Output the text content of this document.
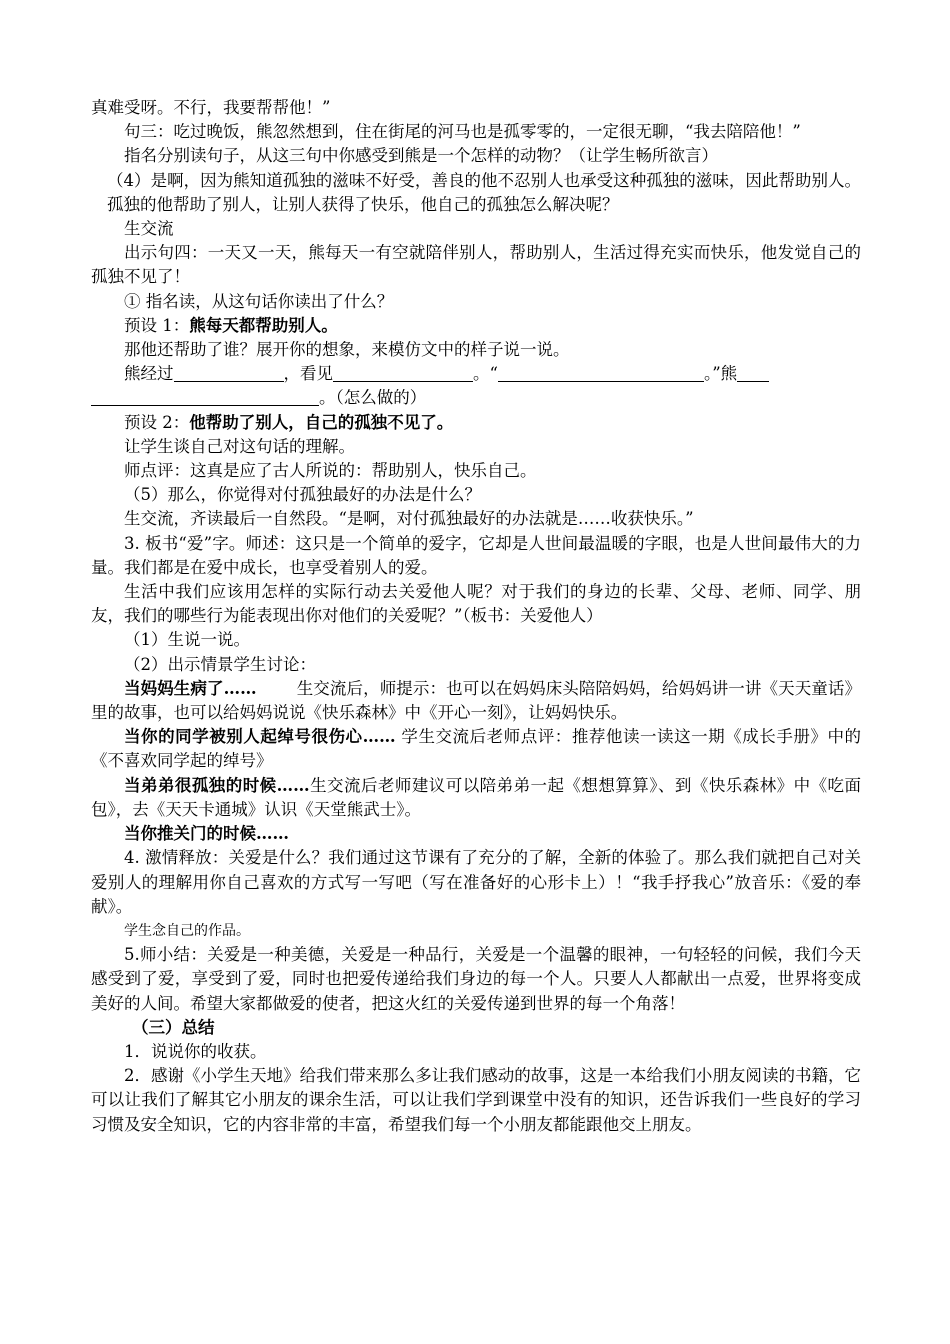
真难受呀。不行，我要帮帮他！”

句三：吃过晚饭，熊忽然想到，住在街尾的河马也是孤零零的，一定很无聊，“我去陪陪他！”

指名分别读句子，从这三句中你感受到熊是一个怎样的动物？（让学生畅所欲言）

（4）是啊，因为熊知道孤独的滋味不好受，善良的他不忍别人也承受这种孤独的滋味，因此帮助别人。孤独的他帮助了别人，让别人获得了快乐，他自己的孤独怎么解决呢？

生交流

出示句四：一天又一天，熊每天一有空就陪伴别人，帮助别人，生活过得充实而快乐，他发觉自己的孤独不见了！

① 指名读，从这句话你读出了什么？

预设 1：熊每天都帮助别人。

那他还帮助了谁？展开你的想象，来模仿文中的样子说一说。

熊经过	，看见	。“	。”熊

。（怎么做的）

预设 2：他帮助了别人，自己的孤独不见了。

让学生谈自己对这句话的理解。

师点评：这真是应了古人所说的：帮助别人，快乐自己。

（5）那么，你觉得对付孤独最好的办法是什么？

生交流，齐读最后一自然段。“是啊，对付孤独最好的办法就是……收获快乐。”

3. 板书“爱”字。师述：这只是一个简单的爱字，它却是人世间最温暖的字眼，也是人世间最伟大的力量。我们都是在爱中成长，也享受着别人的爱。

生活中我们应该用怎样的实际行动去关爱他人呢？对于我们的身边的长辈、父母、老师、同学、朋友，我们的哪些行为能表现出你对他们的关爱呢？”（板书：关爱他人）

（1）生说一说。

（2）出示情景学生讨论：

当妈妈生病了…… 生交流后，师提示：也可以在妈妈床头陪陪妈妈，给妈妈讲一讲《天天童话》里的故事，也可以给妈妈说说《快乐森林》中《开心一刻》，让妈妈快乐。

当你的同学被别人起绰号很伤心…… 学生交流后老师点评：推荐他读一读这一期《成长手册》中的《不喜欢同学起的绰号》

当弟弟很孤独的时候……生交流后老师建议可以陪弟弟一起《想想算算》、到《快乐森林》中《吃面包》，去《天天卡通城》认识《天堂熊武士》。

当你推关门的时候……

4. 激情释放：关爱是什么？我们通过这节课有了充分的了解，全新的体验了。那么我们就把自己对关爱别人的理解用你自己喜欢的方式写一写吧（写在准备好的心形卡上）！“我手抒我心”放音乐：《爱的奉献》。

学生念自己的作品。

5.师小结：关爱是一种美德，关爱是一种品行，关爱是一个温馨的眼神，一句轻轻的问候，我们今天感受到了爱，享受到了爱，同时也把爱传递给我们身边的每一个人。只要人人都献出一点爱，世界将变成美好的人间。希望大家都做爱的使者，把这火红的关爱传递到世界的每一个角落！

（三）总结

1．说说你的收获。

2．感谢《小学生天地》给我们带来那么多让我们感动的故事，这是一本给我们小朋友阅读的书籍，它可以让我们了解其它小朋友的课余生活，可以让我们学到课堂中没有的知识，还告诉我们一些良好的学习习惯及安全知识，它的内容非常的丰富，希望我们每一个小朋友都能跟他交上朋友。
